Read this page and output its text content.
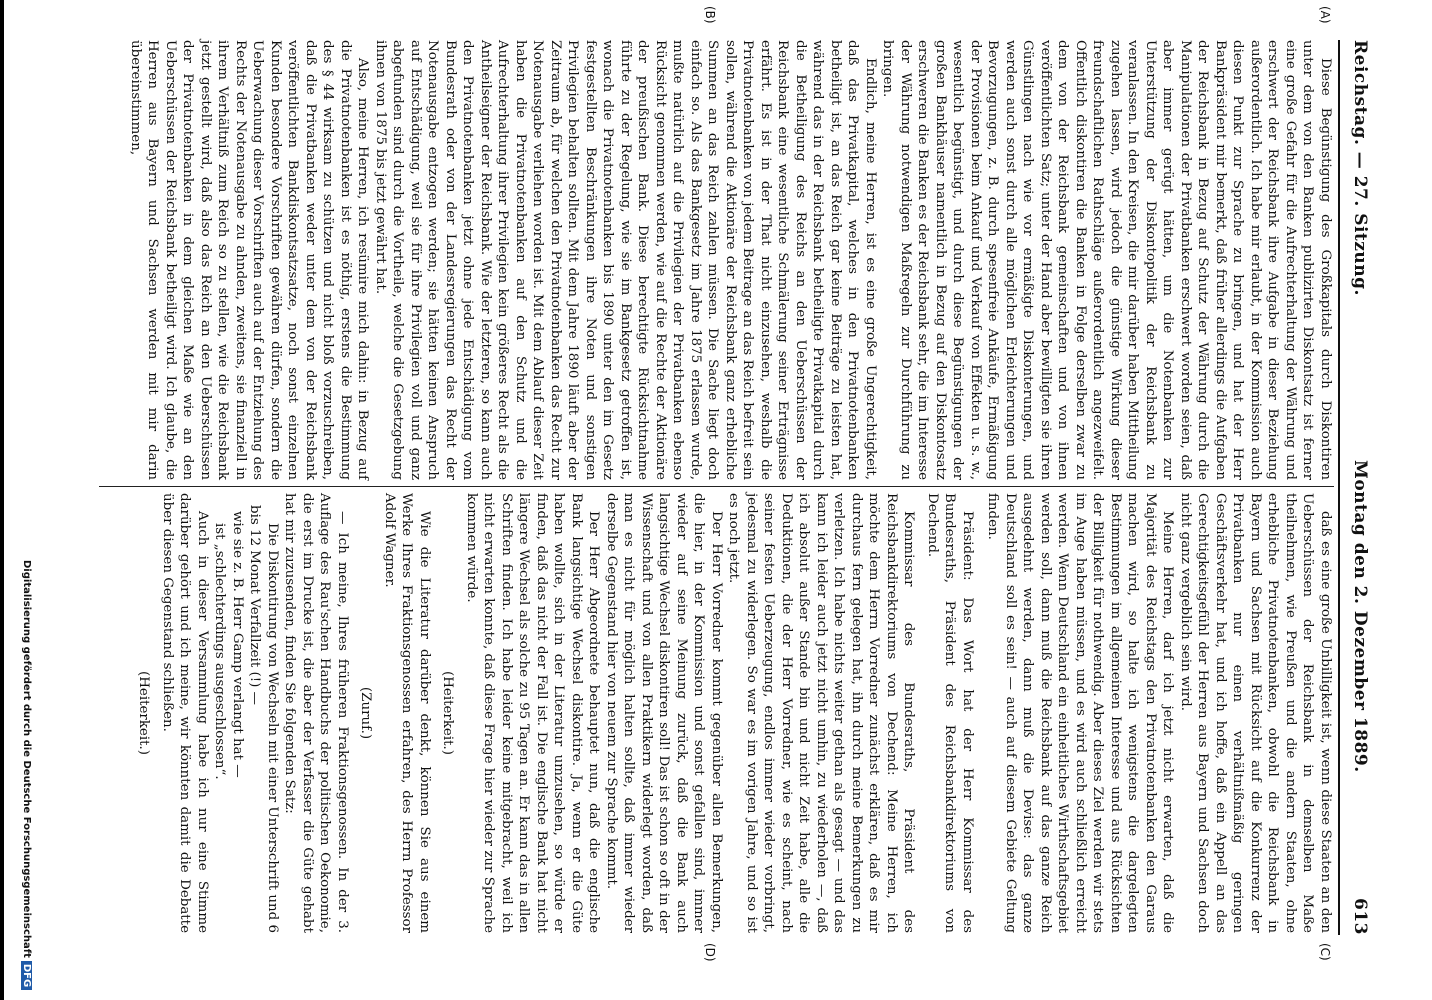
Reichstag. — 27. Sitzung.
Montag den 2. Dezember 1889.
613
(A)
(B)
(C)
(D)

Diese Begünstigung des Großkapitals durch Diskontiren unter dem von den Banken publizirten Diskontsatz ist ferner eine große Gefahr für die Aufrechterhaltung der Währung und erschwert der Reichsbank ihre Aufgabe in dieser Beziehung außerordentlich. Ich habe mir erlaubt, in der Kommission auch diesen Punkt zur Sprache zu bringen, und hat der Herr Bankpräsident mir bemerkt, daß früher allerdings die Aufgaben der Reichsbank in Bezug auf Schutz der Währung durch die Manipulationen der Privatbanken erschwert worden seien, daß aber immer gerügt hätten, um die Notenbanken zur Unterstützung der Diskontopolitik der Reichsbank zu veranlassen. In den Kreisen, die mir darüber haben Mittheilung zugehen lassen, wird jedoch die günstige Wirkung dieser freundschaftlichen Rathschläge außerordentlich angezweifelt. Offentlich diskontiren die Banken in Folge derselben zwar zu dem von der Reichsbank gemeinschaften und von ihnen veröffentlichten Satz; unter der Hand aber bewilligten sie ihren Günstlingen nach wie vor ermäßigte Diskonterungen, und werden auch sonst durch alle möglichen Erleichterungen und Bevorzugungen, z. B. durch spesenfreie Ankäufe, Ermäßigung der Provisionen beim Ankauf und Verkauf von Effekten u. s. w., wesentlich begünstigt, und durch diese Begünstigungen der großen Bankhäuser namentlich in Bezug auf den Diskontosatz erschweren die Banken es der Reichsbank sehr, die im Interesse der Währung notwendigen Maßregeln zur Durchführung zu bringen.

Endlich, meine Herren, ist es eine große Ungerechtigkeit, daß das Privatkapital, welches in den Privatnotenbanken betheiligt ist, an das Reich gar keine Beiträge zu leisten hat, während das in der Reichsbank betheiligte Privatkapital durch die Betheiligung des Reichs an den Ueberschüssen der Reichsbank eine wesentliche Schmälerung seiner Erträgnisse erfährt. Es ist in der That nicht einzusehen, weshalb die Privatnotenbanken von jedem Beitrage an das Reich befreit sein sollen, während die Aktionäre der Reichsbank ganz erhebliche Summen an das Reich zahlen müssen. Die Sache liegt doch einfach so. Als das Bankgesetz im Jahre 1875 erlassen wurde, mußte natürlich auf die Privilegien der Privatbanken ebenso Rücksicht genommen werden, wie auf die Rechte der Aktionäre der preußischen Bank. Diese berechtigte Rücksichtnahme führte zu der Regelung, wie sie im Bankgesetz getroffen ist, wonach die Privatnotenbanken bis 1890 unter den im Gesetz festgestellten Beschränkungen ihre Noten und sonstigen Privilegien behalten sollten. Mit dem Jahre 1890 läuft aber der Zeitraum ab, für welchen den Privatnotenbanken das Recht zur Notenausgabe verliehen worden ist. Mit dem Ablauf dieser Zeit haben die Privatnotenbanken auf den Schutz und die Aufrechterhaltung ihrer Privilegien kein größeres Recht als die Antheilseigner der Reichsbank. Wie der letzteren, so kann auch den Privatnotenbanken jetzt ohne jede Entschädigung vom Bundesrath oder von der Landesregierungen das Recht der Notenausgabe entzogen werden; sie hätten keinen Anspruch auf Entschädigung, weil sie für ihre Privilegien voll und ganz abgefunden sind durch die Vortheile, welche die Gesetzgebung ihnen von 1875 bis jetzt gewährt hat.

Also, meine Herren, ich resümire mich dahin: in Bezug auf die Privatnotenbanken ist es nöthig, erstens die Bestimmung des § 44 wirksam zu schützen und nicht bloß vorzuschreiben, daß die Privatbanken weder unter dem von der Reichsbank veröffentlichten Bankdiskontsatzsatze, noch sonst einzelnen Kunden besondere Vorschriften gewähren dürfen, sondern die Ueberwachung dieser Vorschriften auch auf der Entziehung des Rechts der Notenausgabe zu ahnden, zweitens, sie finanziell in ihrem Verhältniß zum Reich so zu stellen, wie die Reichsbank jetzt gestellt wird, daß also das Reich an den Ueberschüssen der Privatnotenbanken in dem gleichen Maße wie an den Ueberschüssen der Reichsbank betheiligt wird. Ich glaube, die Herren aus Bayern und Sachsen werden mit mir darin übereinstimmen,

daß es eine große Unbilligkeit ist, wenn diese Staaten an den Ueberschüssen der Reichsbank in demselben Maße theilnehmen, wie Preußen und die andern Staaten, ohne erhebliche Privatnotenbanken, obwohl die Reichsbank in Bayern und Sachsen mit Rücksicht auf die Konkurrenz der Privatbanken nur einen verhältnißmäßig geringen Geschäftsverkehr hat, und ich hoffe, daß ein Appell an das Gerechtigkeitsgefühl der Herren aus Bayern und Sachsen doch nicht ganz vergeblich sein wird.

Meine Herren, darf ich jetzt nicht erwarten, daß die Majorität des Reichstags den Privatnotenbanken den Garaus machen wird, so halte ich wenigstens die dargelegten Bestimmungen im allgemeinen Interesse und aus Rücksichten der Billigkeit für nothwendig. Aber dieses Ziel werden wir stets im Auge haben müssen, und es wird auch schließlich erreicht werden. Wenn Deutschland ein einheitliches Wirthschaftsgebiet werden soll, dann muß die Reichsbank auf das ganze Reich ausgedehnt werden, dann muß die Devise: das ganze Deutschland soll es sein! — auch auf diesem Gebiete Geltung finden.

Präsident: Das Wort hat der Herr Kommissar des Bundesraths, Präsident des Reichsbankdirektoriums von Dechend.

Kommissar des Bundesraths, Präsident des Reichsbankdirektoriums von Dechend: Meine Herren, ich möchte dem Herrn Vorredner zunächst erklären, daß es mir durchaus fern gelegen hat, ihn durch meine Bemerkungen zu verletzen. Ich habe nichts weiter gethan als gesagt — und das kann ich leider auch jetzt nicht umhin, zu wiederholen —, daß ich absolut außer Stande bin und nicht Zeit habe, alle die Deduktionen, die der Herr Vorredner, wie es scheint, nach seiner festen Ueberzeugung, endlos immer wieder vorbringt, jedesmal zu widerlegen. So war es im vorigen Jahre, und so ist es noch jetzt.

Der Herr Vorredner kommt gegenüber allen Bemerkungen, die hier, in der Kommission und sonst gefallen sind, immer wieder auf seine Meinung zurück, daß die Bank auch langsichtige Wechsel diskontiren soll! Das ist schon so oft in der Wissenschaft und von allen Praktikern widerlegt worden, daß man es nicht für möglich halten sollte, daß immer wieder derselbe Gegenstand hier von neuem zur Sprache kommt.

Der Herr Abgeordnete behauptet nun, daß die englische Bank langsichtige Wechsel diskontire. Ja, wenn er die Güte haben wollte, sich in der Literatur umzusehen, so würde er finden, daß das nicht der Fall ist. Die englische Bank hat nicht längere Wechsel als solche zu 95 Tagen an. Er kann das in allen Schriften finden. Ich habe leider keine mitgebracht, weil ich nicht erwarten konnte, daß diese Frage hier wieder zur Sprache kommen würde.

(Heiterkeit.)

Wie die Literatur darüber denkt, können Sie aus einem Werke Ihres Fraktionsgenossen erfahren, des Herrn Professor Adolf Wagner.

(Zuruf.)

— Ich meine, Ihres früheren Fraktionsgenossen. In der 3. Auflage des Rau'schen Handbuchs der politischen Oekonomie, die erst im Drucke ist, die aber der Verfasser die Güte gehabt hat mir zuzusenden, finden Sie folgenden Satz:

Die Diskontirung von Wechseln mit einer Unterschrift und 6 bis 12 Monat Verfallzeit (!) —

wie sie z. B. Herr Gamp verlangt hat —

ist „schlechterdings ausgeschlossen“.

Auch in dieser Versammlung habe ich nur eine Stimme darüber gehört und ich meine, wir könnten damit die Debatte über diesen Gegenstand schließen.

(Heiterkeit.)

Digitalisierung gefördert durch die Deutsche ForschungsgemeinschaftDFG
